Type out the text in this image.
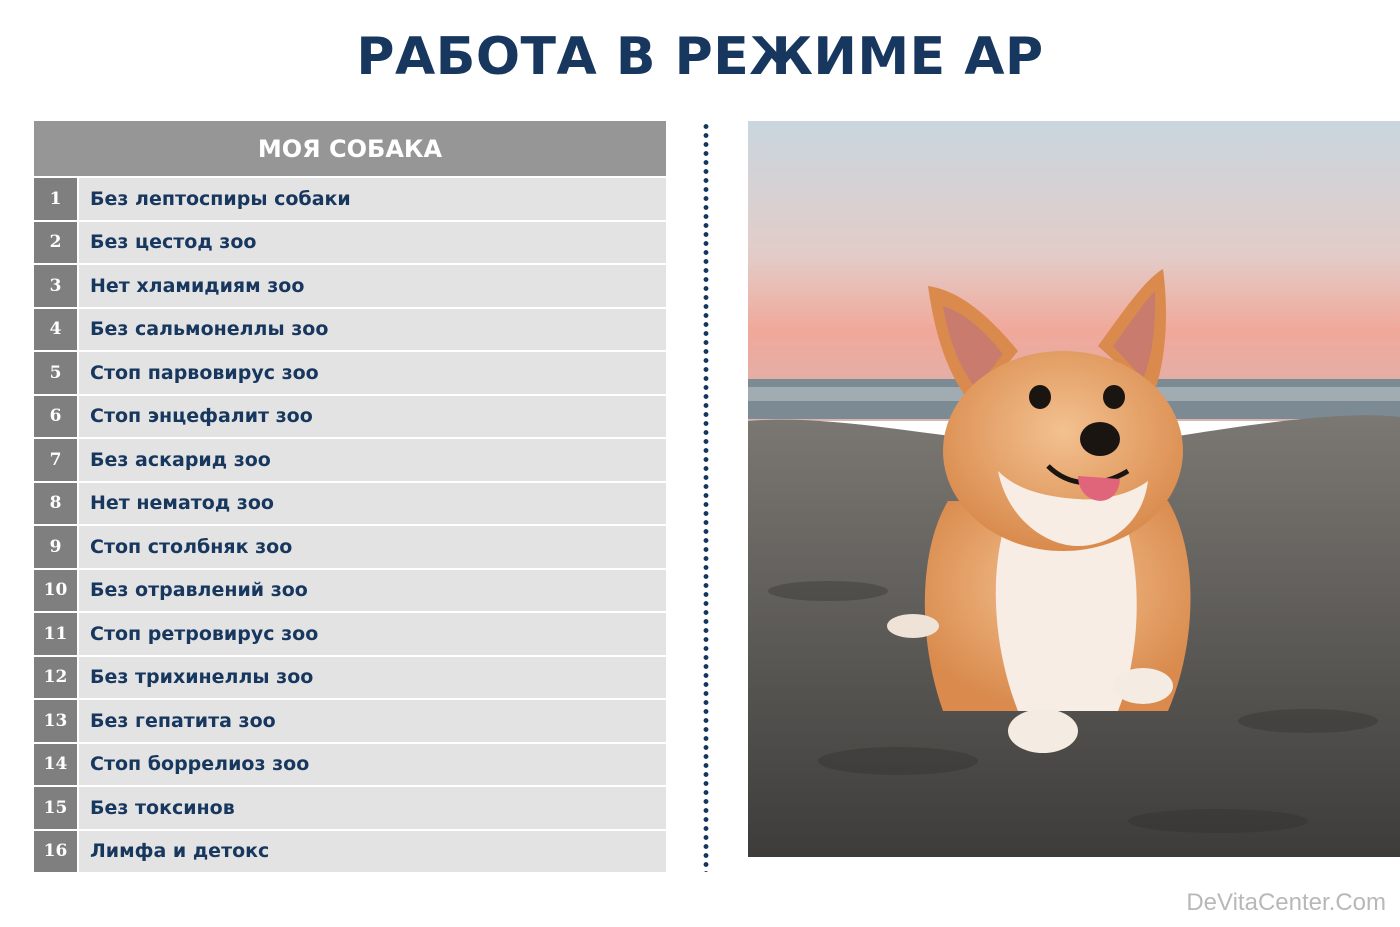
РАБОТА В РЕЖИМЕ АР
МОЯ СОБАКА
1	Без лептоспиры собаки
2	Без цестод зоо
3	Нет хламидиям зоо
4	Без сальмонеллы зоо
5	Стоп парвовирус зоо
6	Стоп энцефалит зоо
7	Без аскарид зоо
8	Нет нематод зоо
9	Стоп столбняк зоо
10	Без отравлений зоо
11	Стоп ретровирус зоо
12	Без трихинеллы зоо
13	Без гепатита зоо
14	Стоп боррелиоз зоо
15	Без токсинов
16	Лимфа и детокс
DeVitaCenter.Com
